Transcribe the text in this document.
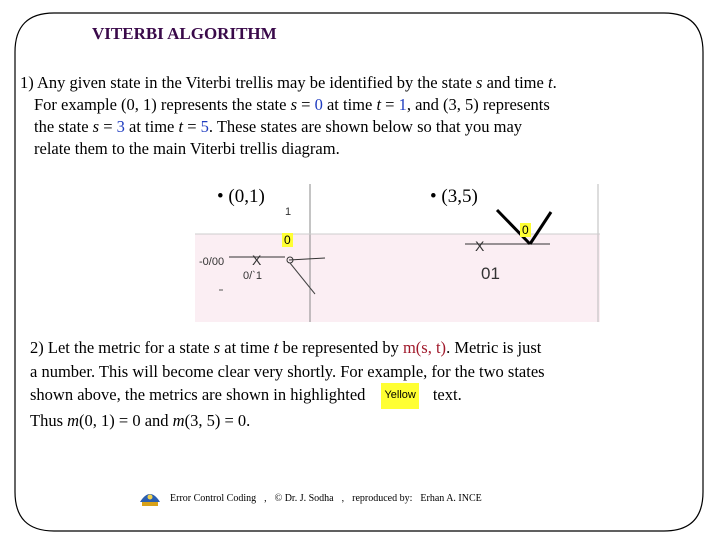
VITERBI ALGORITHM
1) Any given state in the Viterbi trellis may be identified by the state s and time t.
For example (0, 1) represents the state s = 0 at time t = 1, and (3, 5) represents
the state s = 3 at time t = 5. These states are shown below so that you may
relate them to the main Viterbi trellis diagram.
• (0,1)	• (3,5)
1
0
0
-0/00 X
0/`1
X
01
2) Let the metric for a state s at time t be represented by m(s, t). Metric is just
a number. This will become clear very shortly. For example, for the two states
shown above, the metrics are shown in highlighted Yellow text.
Thus m(0, 1) = 0 and m(3, 5) = 0.
Error Control Coding , © Dr. J. Sodha , reproduced by: Erhan A. INCE
